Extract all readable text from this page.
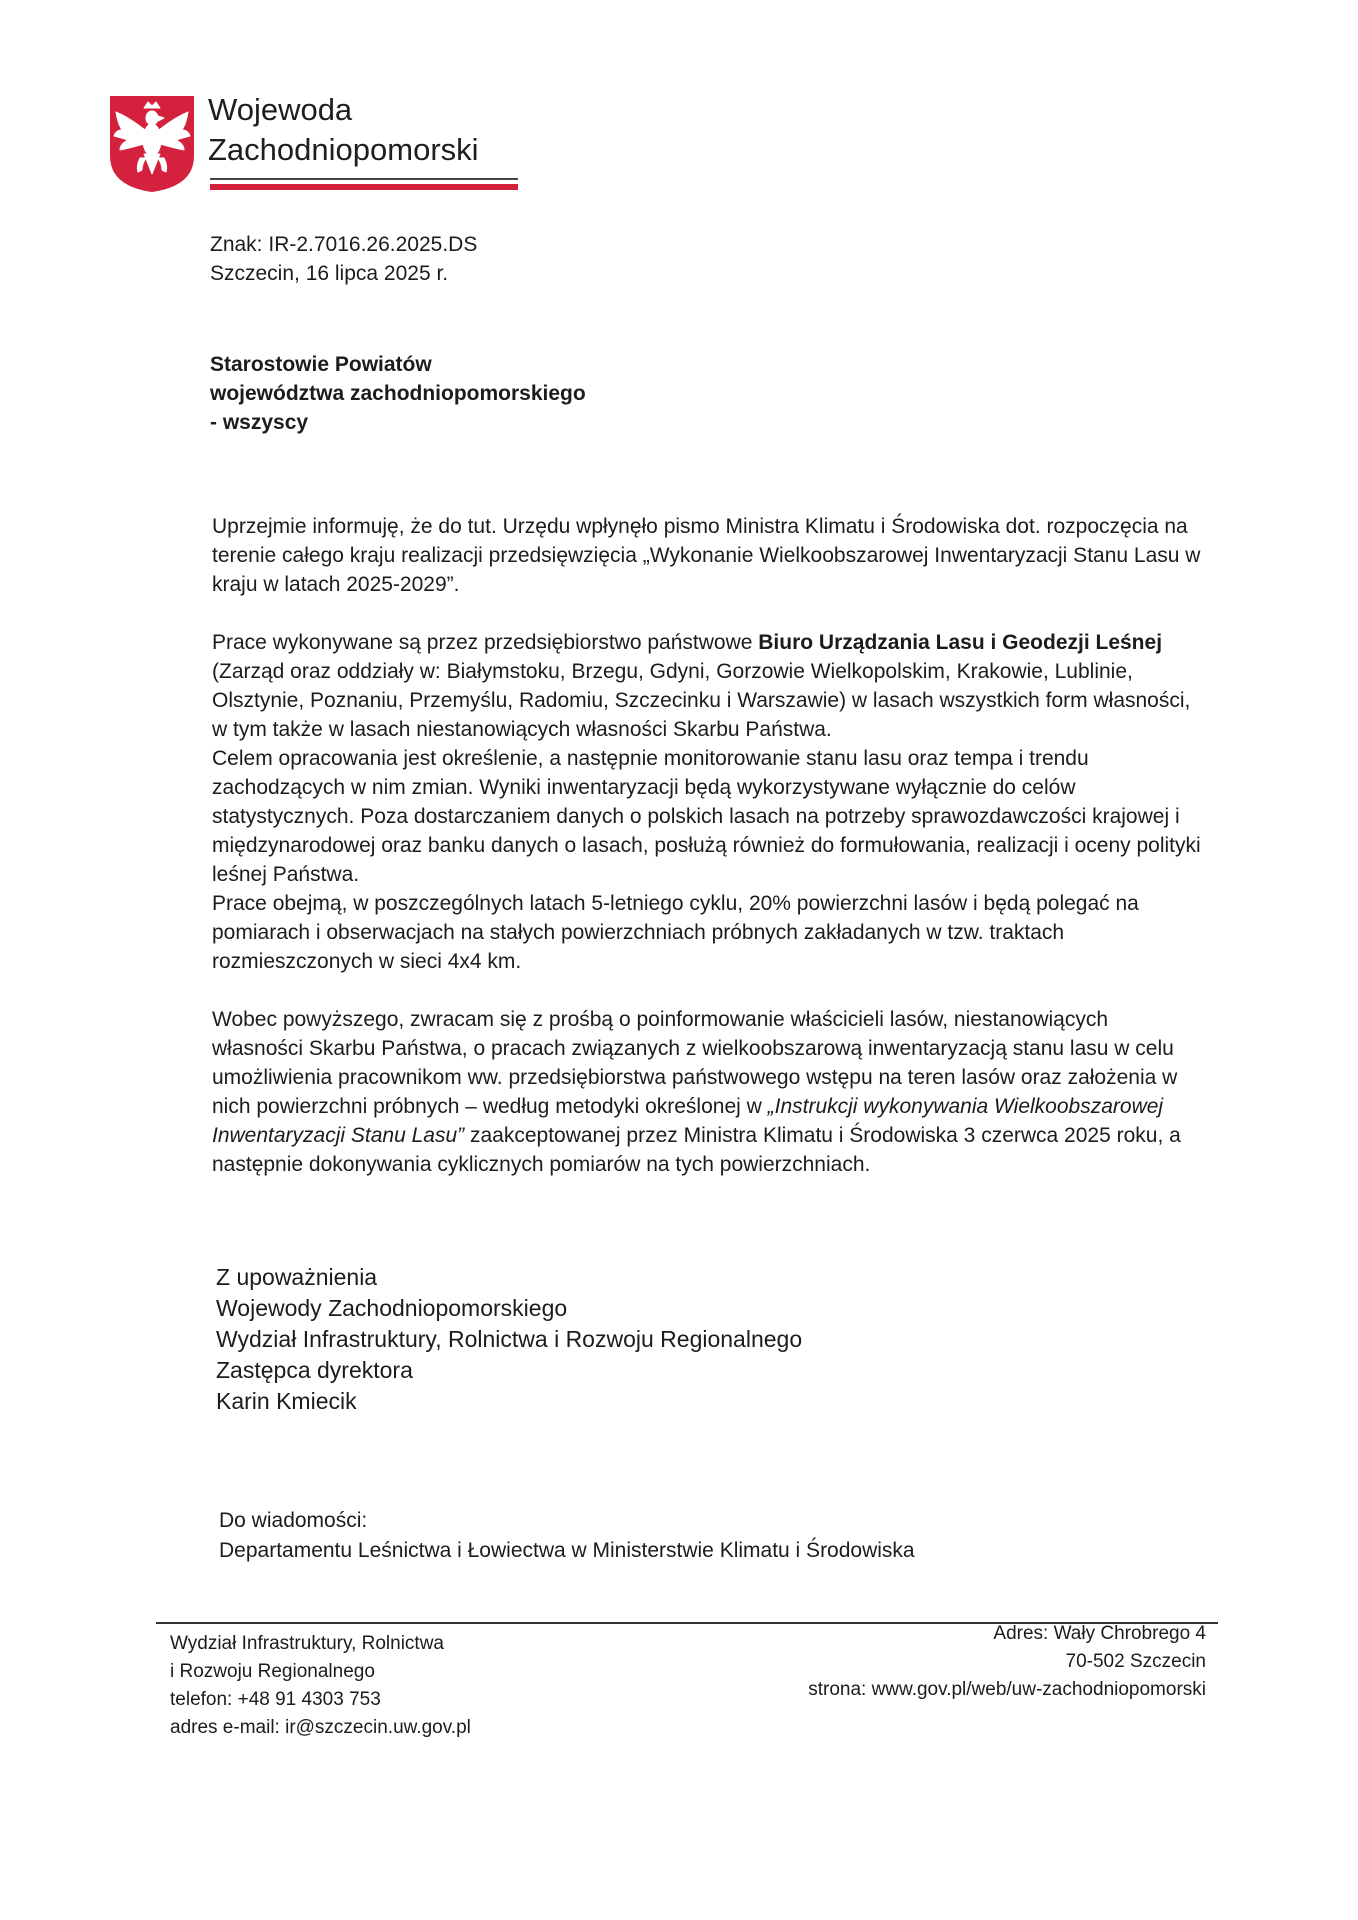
Wojewoda
Zachodniopomorski
Znak: IR-2.7016.26.2025.DS
Szczecin, 16 lipca 2025 r.
Starostowie Powiatów
województwa zachodniopomorskiego
- wszyscy

Uprzejmie informuję, że do tut. Urzędu wpłynęło pismo Ministra Klimatu i Środowiska dot. rozpoczęcia na terenie całego kraju realizacji przedsięwzięcia „Wykonanie Wielkoobszarowej Inwentaryzacji Stanu Lasu w kraju w latach 2025-2029”.

Prace wykonywane są przez przedsiębiorstwo państwowe Biuro Urządzania Lasu i Geodezji Leśnej (Zarząd oraz oddziały w: Białymstoku, Brzegu, Gdyni, Gorzowie Wielkopolskim, Krakowie, Lublinie, Olsztynie, Poznaniu, Przemyślu, Radomiu, Szczecinku i Warszawie) w lasach wszystkich form własności, w tym także w lasach niestanowiących własności Skarbu Państwa.

Celem opracowania jest określenie, a następnie monitorowanie stanu lasu oraz tempa i trendu zachodzących w nim zmian. Wyniki inwentaryzacji będą wykorzystywane wyłącznie do celów statystycznych. Poza dostarczaniem danych o polskich lasach na potrzeby sprawozdawczości krajowej i międzynarodowej oraz banku danych o lasach, posłużą również do formułowania, realizacji i oceny polityki leśnej Państwa.

Prace obejmą, w poszczególnych latach 5-letniego cyklu, 20% powierzchni lasów i będą polegać na pomiarach i obserwacjach na stałych powierzchniach próbnych zakładanych w tzw. traktach rozmieszczonych w sieci 4x4 km.

Wobec powyższego, zwracam się z prośbą o poinformowanie właścicieli lasów, niestanowiących własności Skarbu Państwa, o pracach związanych z wielkoobszarową inwentaryzacją stanu lasu w celu umożliwienia pracownikom ww. przedsiębiorstwa państwowego wstępu na teren lasów oraz założenia w nich powierzchni próbnych – według metodyki określonej w „Instrukcji wykonywania Wielkoobszarowej Inwentaryzacji Stanu Lasu” zaakceptowanej przez Ministra Klimatu i Środowiska 3 czerwca 2025 roku, a następnie dokonywania cyklicznych pomiarów na tych powierzchniach.

Z upoważnienia
Wojewody Zachodniopomorskiego
Wydział Infrastruktury, Rolnictwa i Rozwoju Regionalnego
Zastępca dyrektora
Karin Kmiecik
Do wiadomości:
Departamentu Leśnictwa i Łowiectwa w Ministerstwie Klimatu i Środowiska
Wydział Infrastruktury, Rolnictwa
i Rozwoju Regionalnego
telefon: +48 91 4303 753
adres e-mail: ir@szczecin.uw.gov.pl
Adres: Wały Chrobrego 4
70-502 Szczecin
strona: www.gov.pl/web/uw-zachodniopomorski
